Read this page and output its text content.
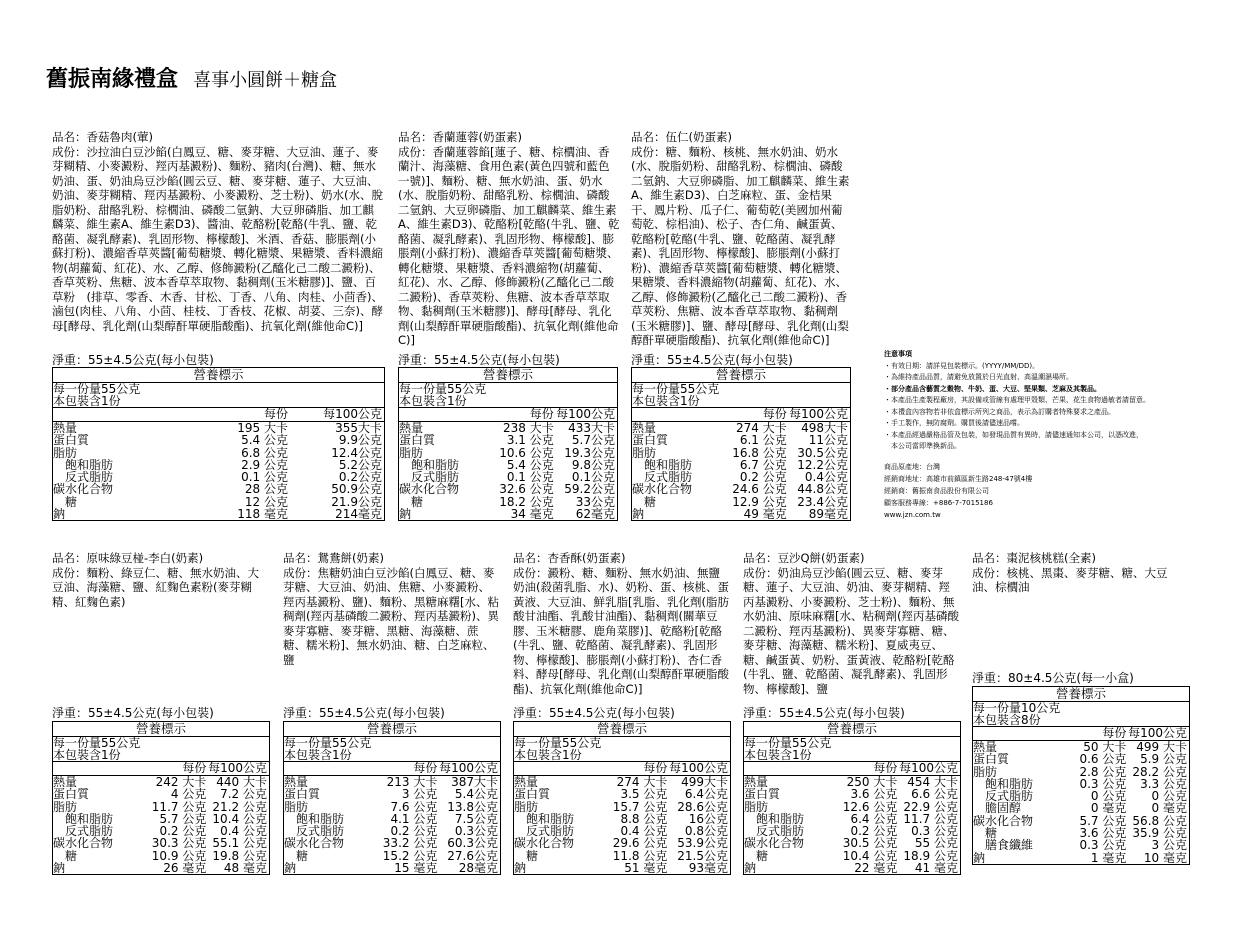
舊振南緣禮盒 喜事小圓餅＋糖盒
品名：香菇魯肉(葷)
成份：沙拉油白豆沙餡(白鳳豆、糖、麥芽糖、大豆油、蓮子、麥芽糊精、小麥澱粉、羥丙基澱粉)、麵粉、豬肉(台灣)、糖、無水奶油、蛋、奶油烏豆沙餡(圓云豆、糖、麥芽糖、蓮子、大豆油、奶油、麥芽糊精、羥丙基澱粉、小麥澱粉、芝士粉)、奶水(水、脫脂奶粉、甜酪乳粉、棕櫚油、磷酸二氫鈉、大豆卵磷脂、加工麒麟菜、維生素A、維生素D3)、醬油、乾酪粉[乾酪(牛乳、鹽、乾酪菌、凝乳酵素)、乳固形物、檸檬酸]、米酒、香菇、膨脹劑(小蘇打粉)、濃縮香草莢醬[葡萄糖漿、轉化糖漿、果糖漿、香料濃縮物(胡蘿蔔、紅花)、水、乙醇、修飾澱粉(乙醯化己二酸二澱粉)、香草莢粉、焦糖、波本香草萃取物、黏稠劑(玉米糖膠)]、鹽、百草粉　(排草、零香、木香、甘松、丁香、八角、肉桂、小茴香)、滷包(肉桂、八角、小茴、桂枝、丁香枝、花椒、胡荽、三奈)、酵母[酵母、乳化劑(山梨醇酐單硬脂酸酯)、抗氧化劑(維他命C)]
淨重：55±4.5公克(每小包裝)
營養標示
每一份量55公克
本包裝含1份
每份	每100公克
熱量	195 大卡	355大卡
蛋白質	5.4 公克	9.9公克
脂肪	6.8 公克	12.4公克
飽和脂肪	2.9 公克	5.2公克
反式脂肪	0.1 公克	0.2公克
碳水化合物	28 公克	50.9公克
糖	12 公克	21.9公克
鈉	118 毫克	214毫克
品名：香蘭蓮蓉(奶蛋素)
成份：香蘭蓮蓉餡[蓮子、糖、棕櫚油、香蘭汁、海藻糖、食用色素(黃色四號和藍色一號)]、麵粉、糖、無水奶油、蛋、奶水(水、脫脂奶粉、甜酪乳粉、棕櫚油、磷酸二氫鈉、大豆卵磷脂、加工麒麟菜、維生素A、維生素D3)、乾酪粉[乾酪(牛乳、鹽、乾酪菌、凝乳酵素)、乳固形物、檸檬酸]、膨脹劑(小蘇打粉)、濃縮香草莢醬[葡萄糖漿、轉化糖漿、果糖漿、香料濃縮物(胡蘿蔔、紅花)、水、乙醇、修飾澱粉(乙醯化己二酸二澱粉)、香草莢粉、焦糖、波本香草萃取物、黏稠劑(玉米糖膠)]、酵母[酵母、乳化劑(山梨醇酐單硬脂酸酯)、抗氧化劑(維他命C)]
淨重：55±4.5公克(每小包裝)
營養標示
每一份量55公克
本包裝含1份
每份 每100公克
熱量	238 大卡	433大卡
蛋白質	3.1 公克	5.7公克
脂肪	10.6 公克 19.3公克
飽和脂肪	5.4 公克	9.8公克
反式脂肪	0.1 公克	0.1公克
碳水化合物	32.6 公克 59.2公克
糖	18.2 公克	33公克
鈉	34 毫克	62毫克
品名：伍仁(奶蛋素)
成份：糖、麵粉、核桃、無水奶油、奶水(水、脫脂奶粉、甜酪乳粉、棕櫚油、磷酸二氫鈉、大豆卵磷脂、加工麒麟菜、維生素A、維生素D3)、白芝麻粒、蛋、金桔果干、鳳片粉、瓜子仁、葡萄乾(美國加州葡萄乾、棕梠油)、松子、杏仁角、鹹蛋黃、乾酪粉[乾酪(牛乳、鹽、乾酪菌、凝乳酵素)、乳固形物、檸檬酸]、膨脹劑(小蘇打粉)、濃縮香草莢醬[葡萄糖漿、轉化糖漿、果糖漿、香料濃縮物(胡蘿蔔、紅花)、水、乙醇、修飾澱粉(乙醯化己二酸二澱粉)、香草莢粉、焦糖、波本香草萃取物、黏稠劑(玉米糖膠)]、鹽、酵母[酵母、乳化劑(山梨醇酐單硬脂酸酯)、抗氧化劑(維他命C)]
淨重：55±4.5公克(每小包裝)
營養標示
每一份量55公克
本包裝含1份
每份 每100公克
熱量	274 大卡	498大卡
蛋白質	6.1 公克	11公克
脂肪	16.8 公克 30.5公克
飽和脂肪	6.7 公克 12.2公克
反式脂肪	0.2 公克	0.4公克
碳水化合物	24.6 公克 44.8公克
糖	12.9 公克 23.4公克
鈉	49 毫克	89毫克
品名：原味綠豆椪-李白(奶素)
成份：麵粉、綠豆仁、糖、無水奶油、大豆油、海藻糖、鹽、紅麴色素粉(麥芽糊精、紅麴色素)
淨重：55±4.5公克(每小包裝)
營養標示
每一份量55公克
本包裝含1份
每份 每100公克
熱量	242 大卡 440 大卡
蛋白質	4 公克	7.2 公克
脂肪	11.7 公克 21.2 公克
飽和脂肪	5.7 公克 10.4 公克
反式脂肪	0.2 公克	0.4 公克
碳水化合物	30.3 公克 55.1 公克
糖	10.9 公克 19.8 公克
鈉	26 毫克	48 毫克
品名：鴛鴦餅(奶素)
成份：焦糖奶油白豆沙餡(白鳳豆、糖、麥芽糖、大豆油、奶油、焦糖、小麥澱粉、羥丙基澱粉、鹽)、麵粉、黑糖麻糬[水、粘稠劑(羥丙基磷酸二澱粉、羥丙基澱粉)、異麥芽寡糖、麥芽糖、黑糖、海藻糖、蔗糖、糯米粉]、無水奶油、糖、白芝麻粒、鹽
淨重：55±4.5公克(每小包裝)
營養標示
每一份量55公克
本包裝含1份
每份 每100公克
熱量	213 大卡	387大卡
蛋白質	3 公克	5.4公克
脂肪	7.6 公克 13.8公克
飽和脂肪	4.1 公克	7.5公克
反式脂肪	0.2 公克	0.3公克
碳水化合物	33.2 公克 60.3公克
糖	15.2 公克 27.6公克
鈉	15 毫克	28毫克
品名：杏香酥(奶蛋素)
成份：澱粉、糖、麵粉、無水奶油、無鹽奶油(殺菌乳脂、水)、奶粉、蛋、核桃、蛋黃液、大豆油、鮮乳脂[乳脂、乳化劑(脂肪酸甘油酯、乳酸甘油酯)、黏稠劑(關華豆膠、玉米糖膠、鹿角菜膠)]、乾酪粉[乾酪(牛乳、鹽、乾酪菌、凝乳酵素)、乳固形物、檸檬酸]、膨脹劑(小蘇打粉)、杏仁香料、酵母[酵母、乳化劑(山梨醇酐單硬脂酸酯)、抗氧化劑(維他命C)]
淨重：55±4.5公克(每小包裝)
營養標示
每一份量55公克
本包裝含1份
每份 每100公克
熱量	274 大卡	499大卡
蛋白質	3.5 公克	6.4公克
脂肪	15.7 公克 28.6公克
飽和脂肪	8.8 公克	16公克
反式脂肪	0.4 公克	0.8公克
碳水化合物	29.6 公克 53.9公克
糖	11.8 公克 21.5公克
鈉	51 毫克	93毫克
品名：豆沙Q餅(奶蛋素)
成份：奶油烏豆沙餡(圓云豆、糖、麥芽糖、蓮子、大豆油、奶油、麥芽糊精、羥丙基澱粉、小麥澱粉、芝士粉)、麵粉、無水奶油、原味麻糬[水、粘稠劑(羥丙基磷酸二澱粉、羥丙基澱粉)、異麥芽寡糖、糖、麥芽糖、海藻糖、糯米粉]、夏威夷豆、糖、鹹蛋黃、奶粉、蛋黃液、乾酪粉[乾酪(牛乳、鹽、乾酪菌、凝乳酵素)、乳固形物、檸檬酸]、鹽
淨重：55±4.5公克(每小包裝)
營養標示
每一份量55公克
本包裝含1份
每份 每100公克
熱量	250 大卡 454 大卡
蛋白質	3.6 公克	6.6 公克
脂肪	12.6 公克 22.9 公克
飽和脂肪	6.4 公克 11.7 公克
反式脂肪	0.2 公克	0.3 公克
碳水化合物	30.5 公克	55 公克
糖	10.4 公克 18.9 公克
鈉	22 毫克	41 毫克
品名：棗泥核桃糕(全素)
成份：核桃、黑棗、麥芽糖、糖、大豆油、棕櫚油
淨重：80±4.5公克(每一小盒)
營養標示
每一份量10公克
本包裝含8份
每份 每100公克
熱量	50 大卡 499 大卡
蛋白質	0.6 公克	5.9 公克
脂肪	2.8 公克 28.2 公克
飽和脂肪	0.3 公克	3.3 公克
反式脂肪	0 公克	0 公克
膽固醇	0 毫克	0 毫克
碳水化合物	5.7 公克 56.8 公克
糖	3.6 公克 35.9 公克
膳食纖維	0.3 公克	3 公克
鈉	1 毫克	10 毫克
注意事項
・有效日期：請詳見包裝標示。(YYYY/MM/DD)。
・為維持產品品質，請避免放置於日光直射、高溫潮濕場所。
・部分產品含藝質之穀物、牛奶、蛋、大豆、堅果類、芝麻及其製品。
・本產品生產製程廠房，其設備或管線有處理甲殼類、芒果、花生食物過敏者請留意。
・本禮盒內容物若非依盒標示所列之商品，表示為訂購者特殊要求之產品。
・手工製作，無防腐劑。購買後請儘速品嚐。
・本產品經過嚴格品管及包裝，如發現品質有異時，請儘速通知本公司，以憑改進，
　本公司當即準換新品。
商品原產地：台灣
經銷商地址：高雄市前鎮區新生路248-47號4樓
經銷商：舊振南食品股份有限公司
顧客服務專線：+886-7-7015186
www.jzn.com.tw
